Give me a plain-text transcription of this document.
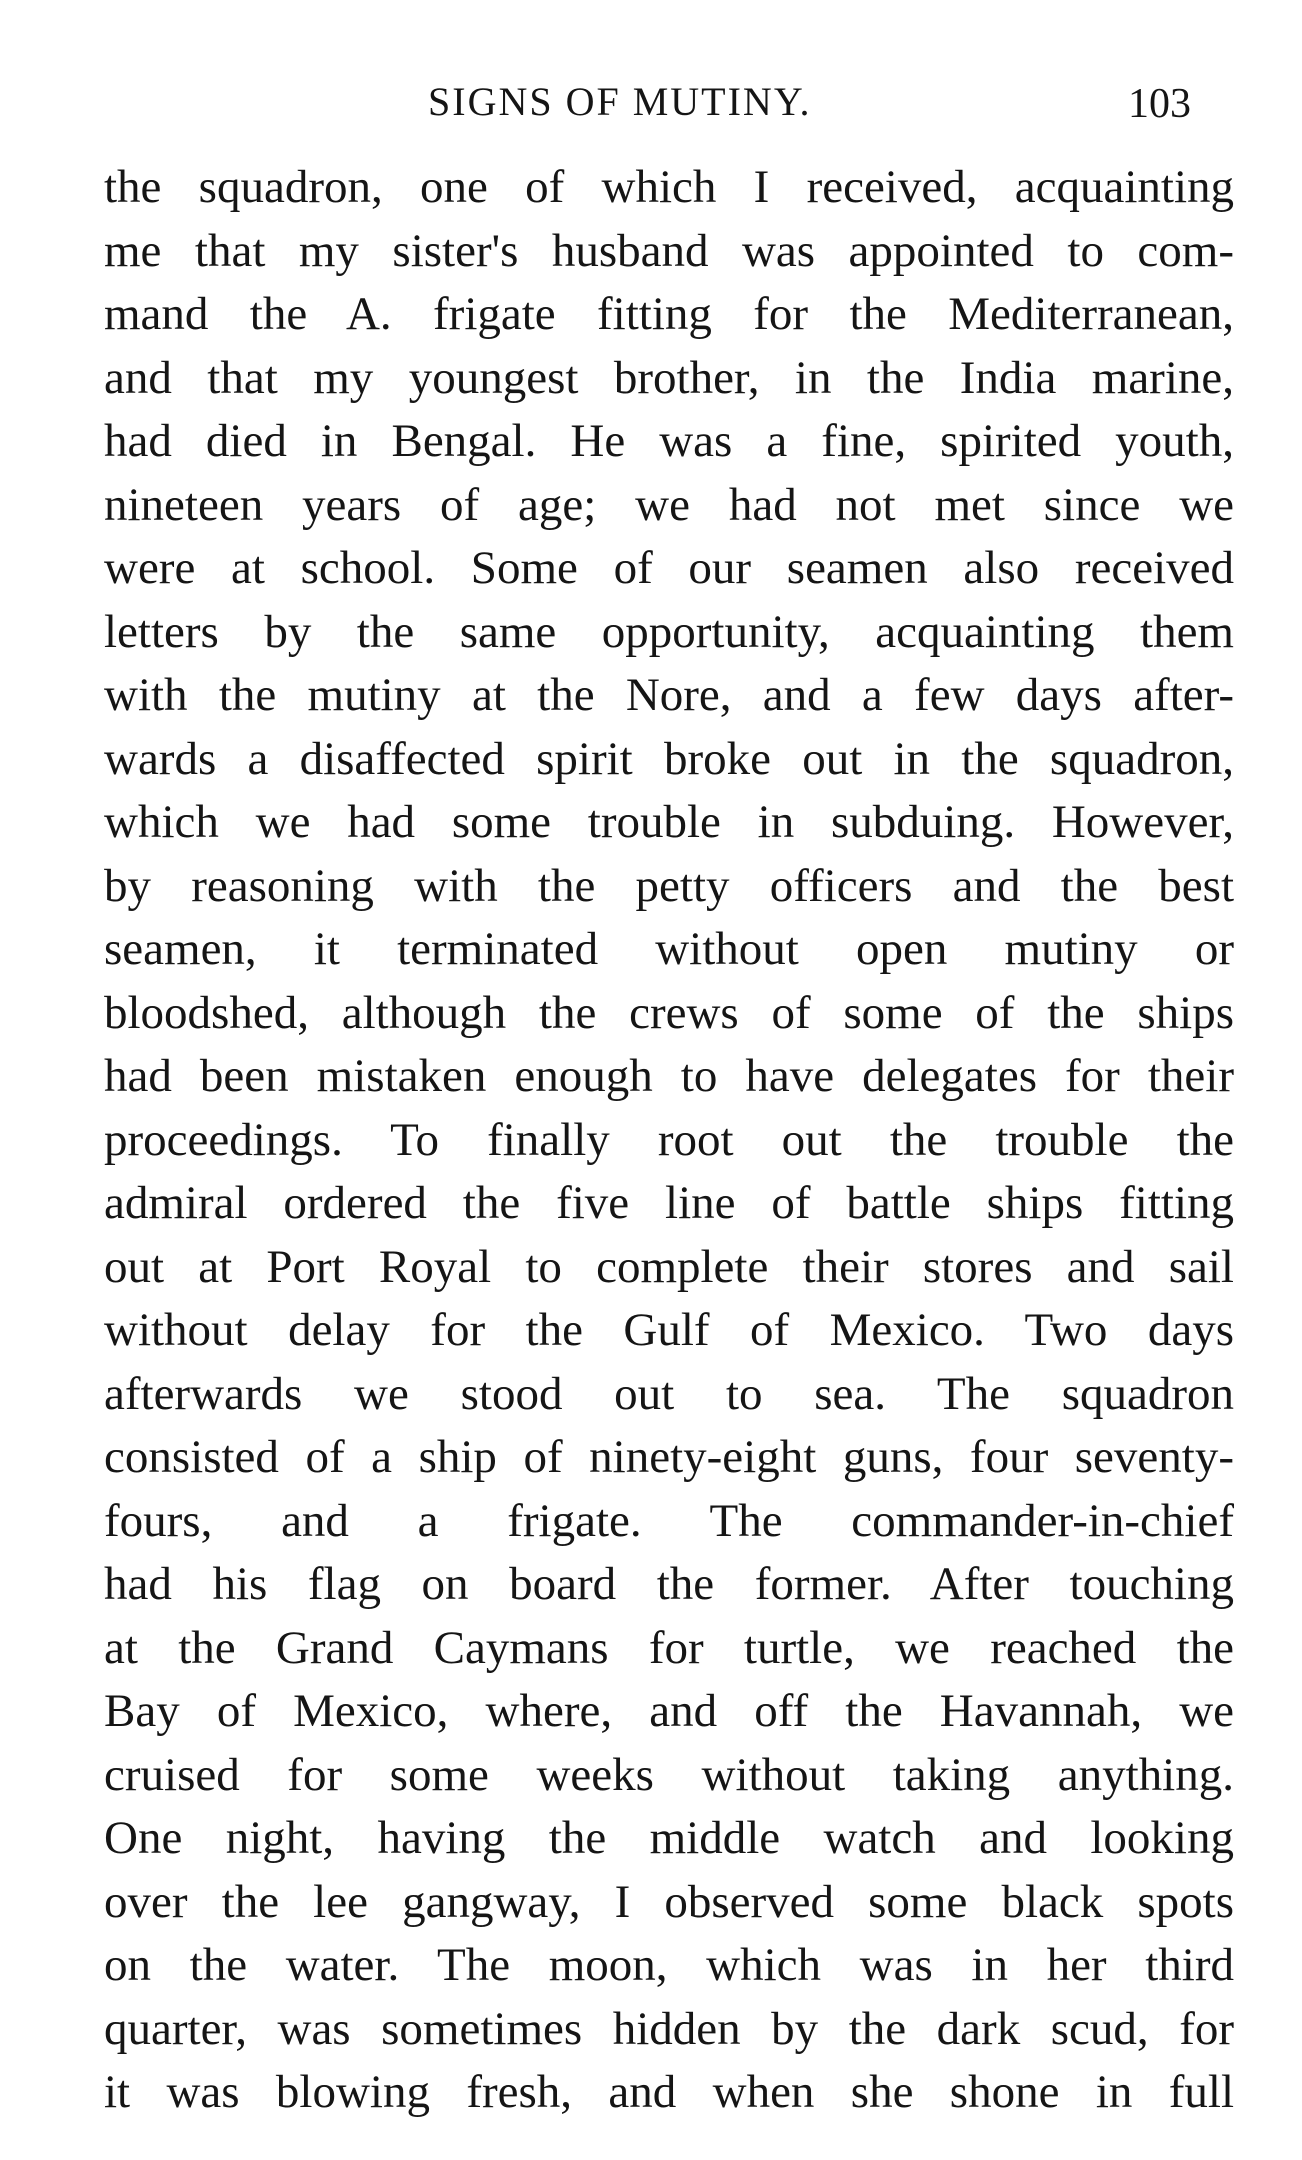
SIGNS OF MUTINY.	103
the squadron, one of which I received, acquainting
me that my sister's husband was appointed to com-
mand the A. frigate fitting for the Mediterranean,
and that my youngest brother, in the India marine,
had died in Bengal. He was a fine, spirited youth,
nineteen years of age; we had not met since we
were at school. Some of our seamen also received
letters by the same opportunity, acquainting them
with the mutiny at the Nore, and a few days after-
wards a disaffected spirit broke out in the squadron,
which we had some trouble in subduing. However,
by reasoning with the petty officers and the best
seamen, it terminated without open mutiny or
bloodshed, although the crews of some of the ships
had been mistaken enough to have delegates for their
proceedings. To finally root out the trouble the
admiral ordered the five line of battle ships fitting
out at Port Royal to complete their stores and sail
without delay for the Gulf of Mexico. Two days
afterwards we stood out to sea. The squadron
consisted of a ship of ninety-eight guns, four seventy-
fours, and a frigate. The commander-in-chief
had his flag on board the former. After touching
at the Grand Caymans for turtle, we reached the
Bay of Mexico, where, and off the Havannah, we
cruised for some weeks without taking anything.
One night, having the middle watch and looking
over the lee gangway, I observed some black spots
on the water. The moon, which was in her third
quarter, was sometimes hidden by the dark scud, for
it was blowing fresh, and when she shone in full
